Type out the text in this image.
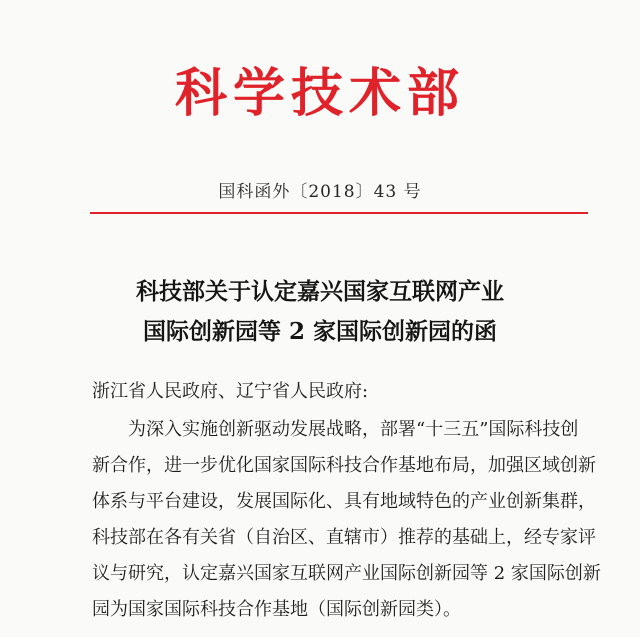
科学技术部
国科函外〔2018〕43 号
科技部关于认定嘉兴国家互联网产业
国际创新园等 2 家国际创新园的函
浙江省人民政府、辽宁省人民政府:
为深入实施创新驱动发展战略，部署“十三五”国际科技创
新合作，进一步优化国家国际科技合作基地布局，加强区域创新
体系与平台建设，发展国际化、具有地域特色的产业创新集群，
科技部在各有关省（自治区、直辖市）推荐的基础上，经专家评
议与研究，认定嘉兴国家互联网产业国际创新园等 2 家国际创新
园为国家国际科技合作基地（国际创新园类）。
